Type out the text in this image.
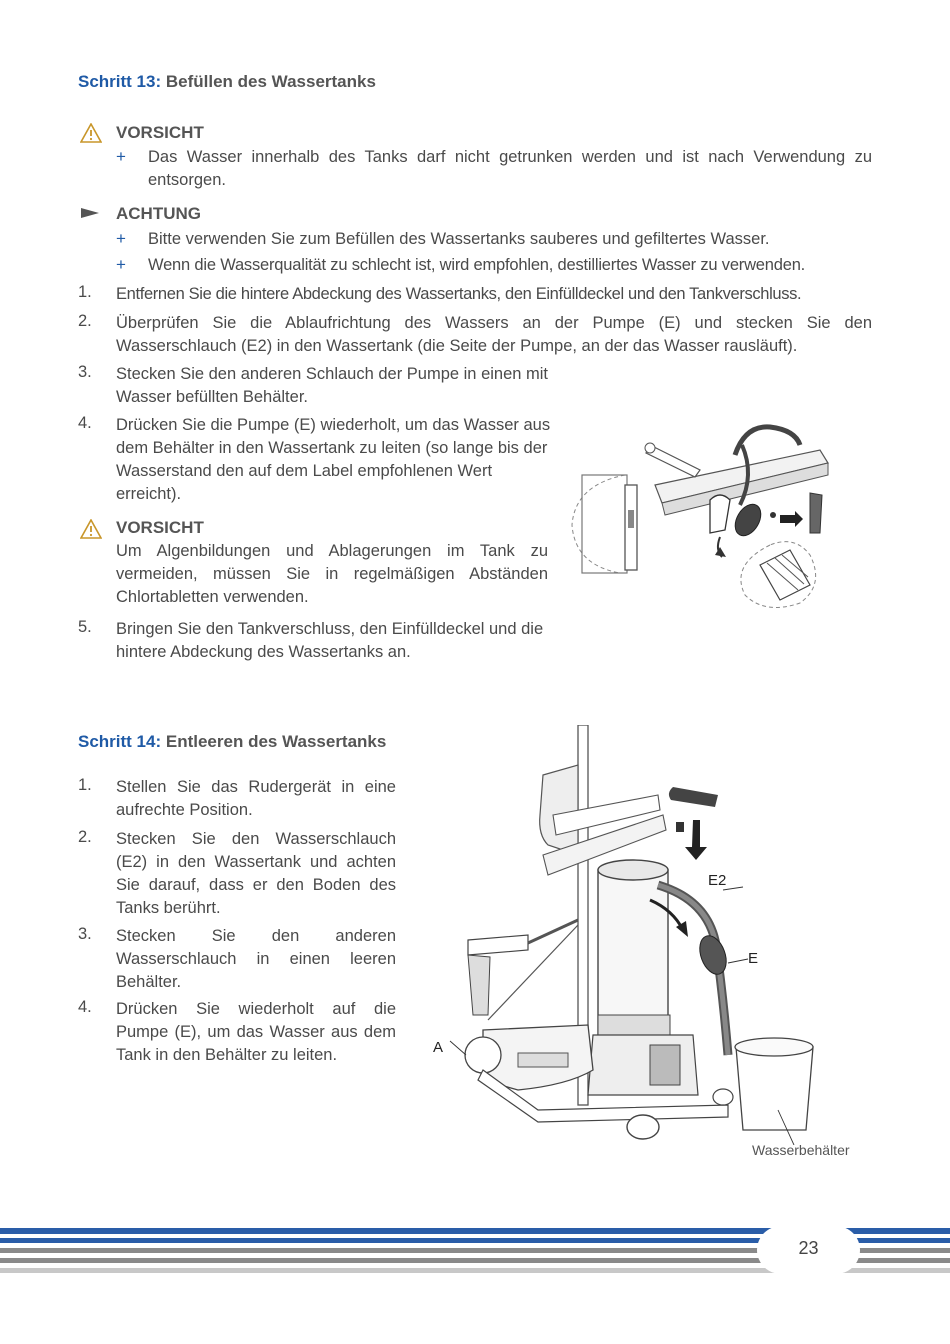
Schritt 13: Befüllen des Wassertanks
VORSICHT
+ Das Wasser innerhalb des Tanks darf nicht getrunken werden und ist nach Verwendung zu entsorgen.
ACHTUNG
+ Bitte verwenden Sie zum Befüllen des Wassertanks sauberes und gefiltertes Wasser.
+ Wenn die Wasserqualität zu schlecht ist, wird empfohlen, destilliertes Wasser zu verwenden.
1. Entfernen Sie die hintere Abdeckung des Wassertanks, den Einfülldeckel und den Tankverschluss.
2. Überprüfen Sie die Ablaufrichtung des Wassers an der Pumpe (E) und stecken Sie den Wasserschlauch (E2) in den Wassertank (die Seite der Pumpe, an der das Wasser rausläuft).
3. Stecken Sie den anderen Schlauch der Pumpe in einen mit Wasser befüllten Behälter.
4. Drücken Sie die Pumpe (E) wiederholt, um das Wasser aus dem Behälter in den Wassertank zu leiten (so lange bis der Wasserstand den auf dem Label empfohlenen Wert erreicht).
VORSICHT
Um Algenbildungen und Ablagerungen im Tank zu vermeiden, müssen Sie in regelmäßigen Abständen Chlortabletten verwenden.
5. Bringen Sie den Tankverschluss, den Einfülldeckel und die hintere Abdeckung des Wassertanks an.
Schritt 14: Entleeren des Wassertanks
1. Stellen Sie das Rudergerät in eine aufrechte Position.
2. Stecken Sie den Wasserschlauch (E2) in den Wassertank und achten Sie darauf, dass er den Boden des Tanks berührt.
3. Stecken Sie den anderen Wasserschlauch in einen leeren Behälter.
4. Drücken Sie wiederholt auf die Pumpe (E), um das Wasser aus dem Tank in den Behälter zu leiten.
E2
E
A
Wasserbehälter
23
